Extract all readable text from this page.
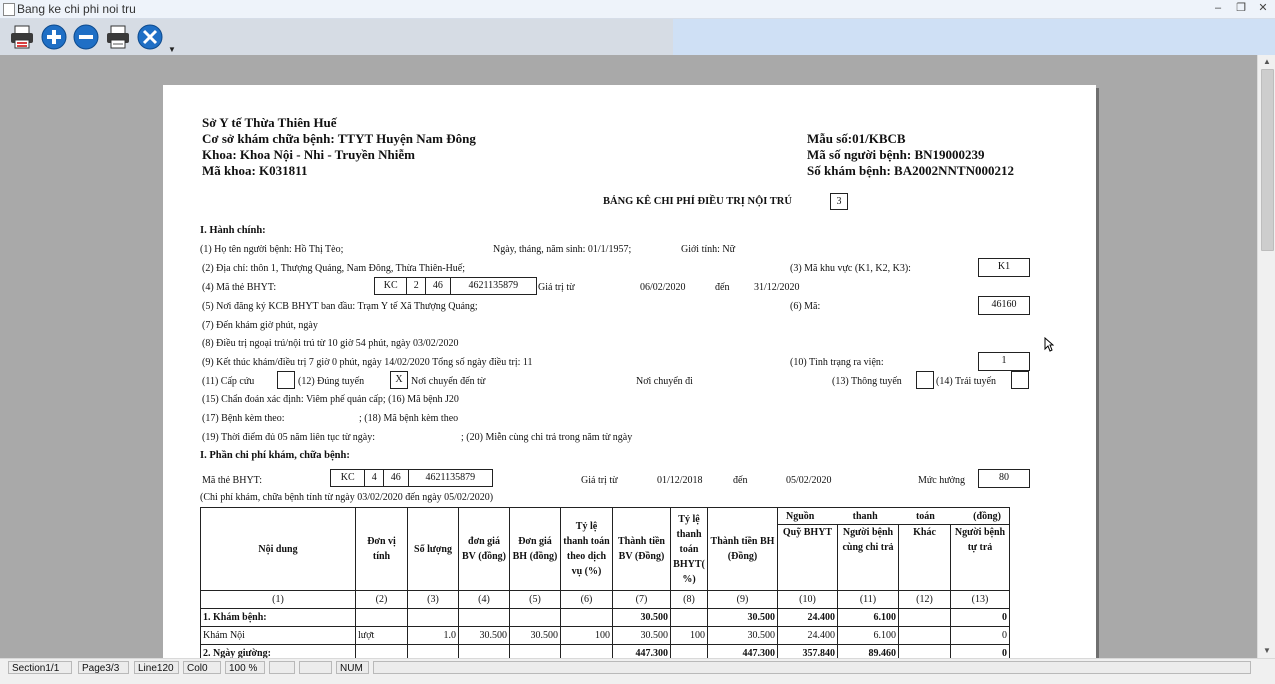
Bang ke chi phi noi tru	–	❐	✕
▼
Sở Y tế Thừa Thiên Huế
Cơ sở khám chữa bệnh: TTYT Huyện Nam Đông
Khoa: Khoa Nội - Nhi - Truyền Nhiễm
Mã khoa: K031811
Mẫu số:01/KBCB
Mã số người bệnh: BN19000239
Số khám bệnh: BA2002NNTN000212
BẢNG KÊ CHI PHÍ ĐIỀU TRỊ NỘI TRÚ	3
I. Hành chính:
(1) Họ tên người bệnh: Hồ Thị Tèo;	Ngày, tháng, năm sinh: 01/1/1957;	Giới tính: Nữ
(2) Địa chỉ: thôn 1, Thượng Quảng, Nam Đông, Thừa Thiên-Huế;	(3) Mã khu vực (K1, K2, K3):	K1
(4) Mã thẻ BHYT:	KC	2	46	4621135879	Giá trị từ	06/02/2020	đến 31/12/2020
(5) Nơi đăng ký KCB BHYT ban đầu: Trạm Y tế Xã Thượng Quảng;	(6) Mã:	46160
(7) Đến khám giờ phút, ngày
(8) Điều trị ngoại trú/nội trú từ 10 giờ 54 phút, ngày 03/02/2020
(9) Kết thúc khám/điều trị 7 giờ 0 phút, ngày 14/02/2020 Tổng số ngày điều trị: 11	(10) Tình trạng ra viện:	1
(11) Cấp cứu	(12) Đúng tuyến	X Nơi chuyển đến từ	Nơi chuyển đi	(13) Thông tuyến	(14) Trái tuyến
(15) Chẩn đoán xác định: Viêm phế quản cấp; (16) Mã bệnh J20
(17) Bệnh kèm theo:	; (18) Mã bệnh kèm theo
(19) Thời điểm đủ 05 năm liên tục từ ngày:	; (20) Miễn cùng chi trả trong năm từ ngày
I. Phần chi phí khám, chữa bệnh:
Mã thẻ BHYT:	KC	4	46	4621135879	Giá trị từ	01/12/2018	đến	05/02/2020	Mức hưởng	80
(Chi phí khám, chữa bệnh tính từ ngày 03/02/2020 đến ngày 05/02/2020)
Nội dung	Đơn vị tính	Số lượng	đơn giá BV (đồng)	Đơn giá BH (đồng)	Tỷ lệ thanh toán theo dịch vụ (%)	Thành tiền BV (Đồng)	Tỷ lệ thanh toán BHYT( %)	Thành tiền BH (Đồng)	Nguồn thanh toán (đồng)			

									Quỹ BHYT	Người bệnh cùng chi trả	Khác	Người bệnh tự trả
(1)	(2)	(3)	(4)	(5)	(6)	(7)	(8)	(9)	(10)	(11)	(12)	(13)
1. Khám bệnh:						30.500		30.500	24.400	6.100		0
Khám Nội	lượt	1.0	30.500	30.500	100	30.500	100	30.500	24.400	6.100		0
2. Ngày giường:						447.300		447.300	357.840	89.460		0
▲
▼
Section1/1	Page3/3	Line120	Col0	100 %	NUM
